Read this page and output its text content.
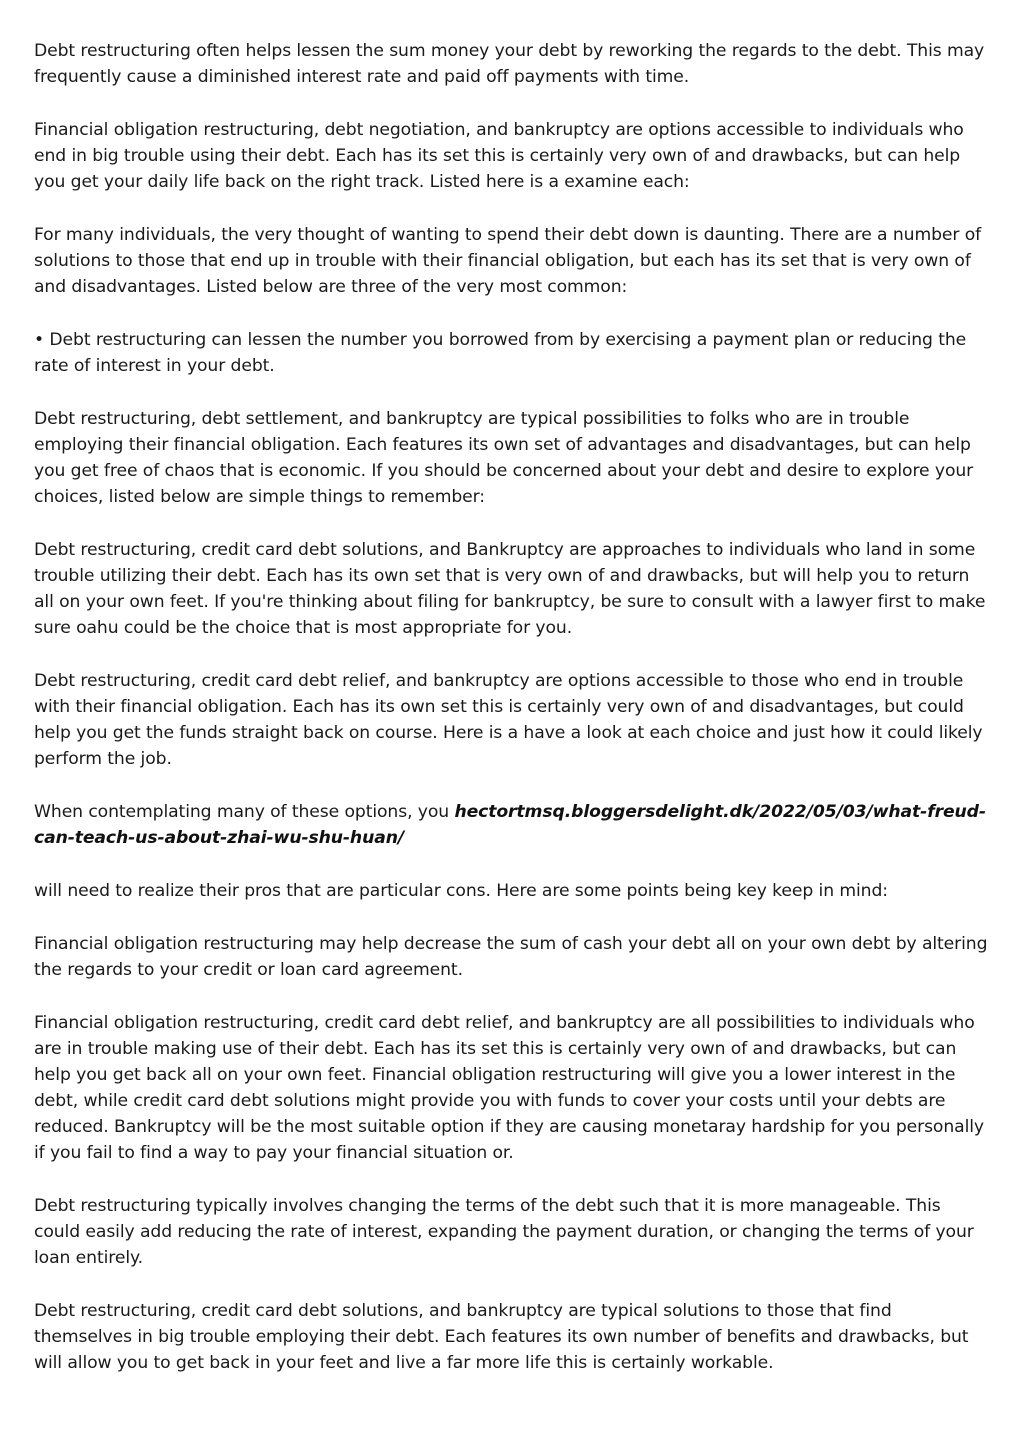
Debt restructuring often helps lessen the sum money your debt by reworking the regards to the debt. This may frequently cause a diminished interest rate and paid off payments with time.

Financial obligation restructuring, debt negotiation, and bankruptcy are options accessible to individuals who end in big trouble using their debt. Each has its set this is certainly very own of and drawbacks, but can help you get your daily life back on the right track. Listed here is a examine each:

For many individuals, the very thought of wanting to spend their debt down is daunting. There are a number of solutions to those that end up in trouble with their financial obligation, but each has its set that is very own of and disadvantages. Listed below are three of the very most common:

• Debt restructuring can lessen the number you borrowed from by exercising a payment plan or reducing the rate of interest in your debt.

Debt restructuring, debt settlement, and bankruptcy are typical possibilities to folks who are in trouble employing their financial obligation. Each features its own set of advantages and disadvantages, but can help you get free of chaos that is economic. If you should be concerned about your debt and desire to explore your choices, listed below are simple things to remember:

Debt restructuring, credit card debt solutions, and Bankruptcy are approaches to individuals who land in some trouble utilizing their debt. Each has its own set that is very own of and drawbacks, but will help you to return all on your own feet. If you're thinking about filing for bankruptcy, be sure to consult with a lawyer first to make sure oahu could be the choice that is most appropriate for you.

Debt restructuring, credit card debt relief, and bankruptcy are options accessible to those who end in trouble with their financial obligation. Each has its own set this is certainly very own of and disadvantages, but could help you get the funds straight back on course. Here is a have a look at each choice and just how it could likely perform the job.

When contemplating many of these options, you hectortmsq.bloggersdelight.dk/2022/05/03/what-freud-can-teach-us-about-zhai-wu-shu-huan/

will need to realize their pros that are particular cons. Here are some points being key keep in mind:

Financial obligation restructuring may help decrease the sum of cash your debt all on your own debt by altering the regards to your credit or loan card agreement.

Financial obligation restructuring, credit card debt relief, and bankruptcy are all possibilities to individuals who are in trouble making use of their debt. Each has its set this is certainly very own of and drawbacks, but can help you get back all on your own feet. Financial obligation restructuring will give you a lower interest in the debt, while credit card debt solutions might provide you with funds to cover your costs until your debts are reduced. Bankruptcy will be the most suitable option if they are causing monetaray hardship for you personally if you fail to find a way to pay your financial situation or.

Debt restructuring typically involves changing the terms of the debt such that it is more manageable. This could easily add reducing the rate of interest, expanding the payment duration, or changing the terms of your loan entirely.

Debt restructuring, credit card debt solutions, and bankruptcy are typical solutions to those that find themselves in big trouble employing their debt. Each features its own number of benefits and drawbacks, but will allow you to get back in your feet and live a far more life this is certainly workable.
